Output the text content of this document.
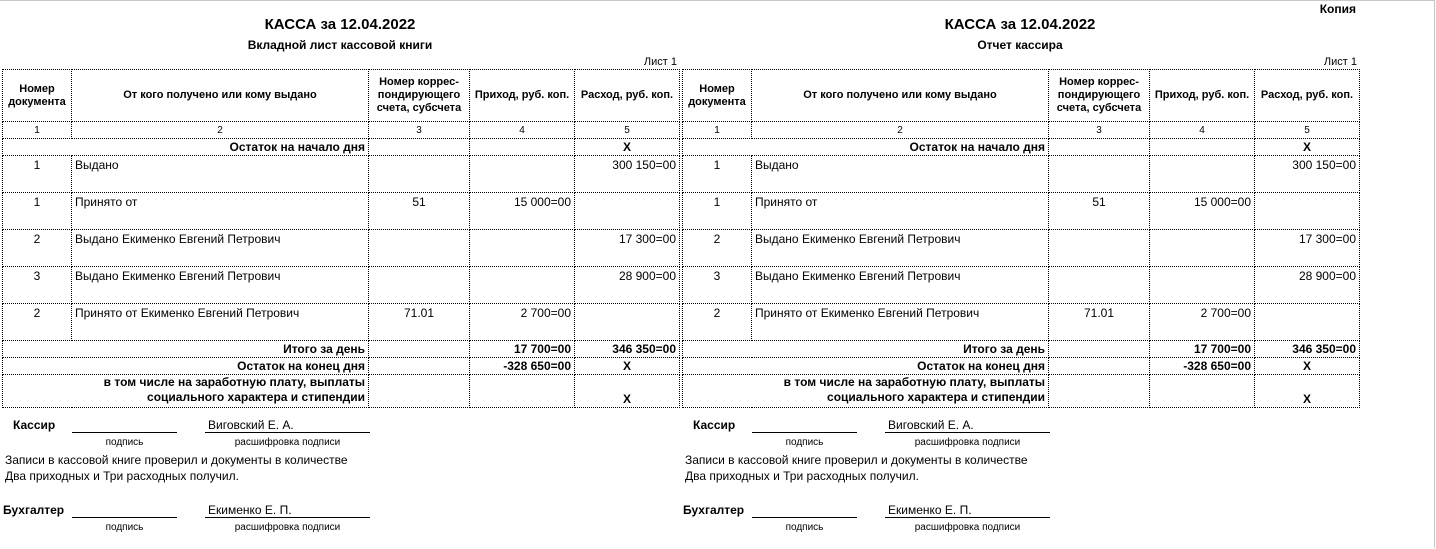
Копия
КАССА за 12.04.2022
Вкладной лист кассовой книги
Лист 1
Номер документа	От кого получено или кому выдано	Номер коррес-пондирующего счета, субсчета	Приход, руб. коп.	Расход, руб. коп.
1	2	3	4	5
Остаток на начало дня				X
1	Выдано			300 150=00
1	Принято от	51	15 000=00	
2	Выдано Екименко Евгений Петрович			17 300=00
3	Выдано Екименко Евгений Петрович			28 900=00
2	Принято от Екименко Евгений Петрович	71.01	2 700=00	
Итого за день			17 700=00	346 350=00
Остаток на конец дня			-328 650=00	X
в том числе на заработную плату, выплаты
социального характера и стипендии				X
Кассир	Виговский Е. А.
подпись	расшифровка подписи
Записи в кассовой книге проверил и документы в количестве
Два приходных и Три расходных получил.
Бухгалтер	Екименко Е. П.
подпись	расшифровка подписи
КАССА за 12.04.2022
Отчет кассира
Лист 1
Номер документа	От кого получено или кому выдано	Номер коррес-пондирующего счета, субсчета	Приход, руб. коп.	Расход, руб. коп.
1	2	3	4	5
Остаток на начало дня				X
1	Выдано			300 150=00
1	Принято от	51	15 000=00	
2	Выдано Екименко Евгений Петрович			17 300=00
3	Выдано Екименко Евгений Петрович			28 900=00
2	Принято от Екименко Евгений Петрович	71.01	2 700=00	
Итого за день			17 700=00	346 350=00
Остаток на конец дня			-328 650=00	X
в том числе на заработную плату, выплаты
социального характера и стипендии				X
Кассир	Виговский Е. А.
подпись	расшифровка подписи
Записи в кассовой книге проверил и документы в количестве
Два приходных и Три расходных получил.
Бухгалтер	Екименко Е. П.
подпись	расшифровка подписи
